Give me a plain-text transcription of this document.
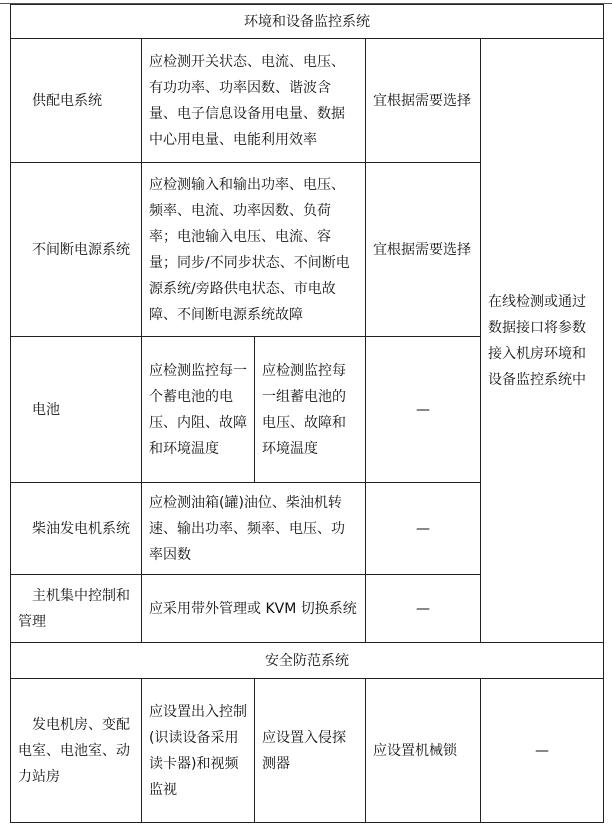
环境和设备监控系统				
供配电系统	应检测开关状态、电流、电压、有功功率、功率因数、谐波含量、电子信息设备用电量、数据中心用电量、电能利用效率		宜根据需要选择	在线检测或通过数据接口将参数接入机房环境和设备监控系统中
不间断电源系统	应检测输入和输出功率、电压、频率、电流、功率因数、负荷率；电池输入电压、电流、容量；同步/不同步状态、不间断电源系统/旁路供电状态、市电故障、不间断电源系统故障		宜根据需要选择	
电池	应检测监控每一个蓄电池的电压、内阻、故障和环境温度	应检测监控每一组蓄电池的电压、故障和环境温度	—	
柴油发电机系统	应检测油箱(罐)油位、柴油机转速、输出功率、频率、电压、功率因数		—	
主机集中控制和管理	应采用带外管理或 KVM 切换系统		—	
安全防范系统				
发电机房、变配电室、电池室、动力站房	应设置出入控制(识读设备采用读卡器)和视频监视	应设置入侵探测器	应设置机械锁	—
